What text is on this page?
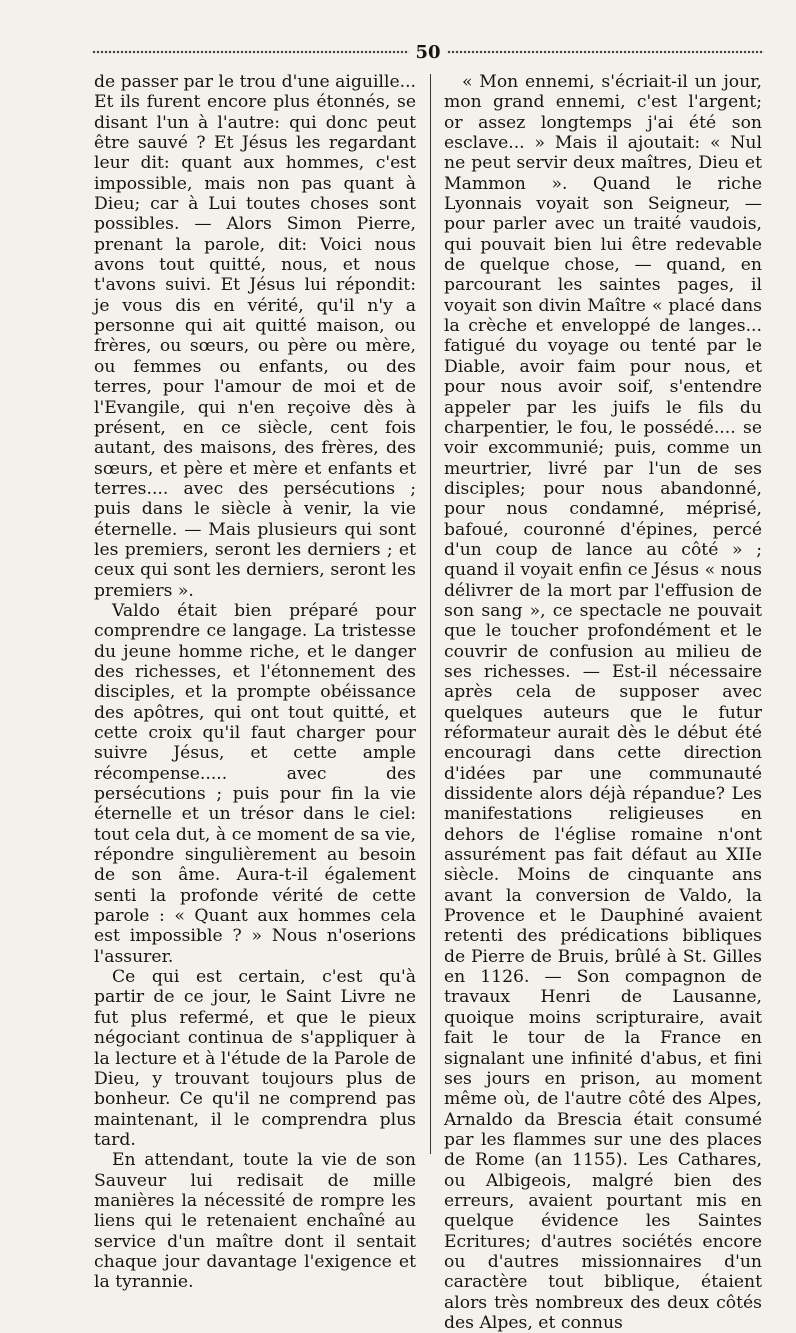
50

de passer par le trou d'une aiguille... Et ils furent encore plus étonnés, se disant l'un à l'autre: qui donc peut être sauvé ? Et Jésus les regardant leur dit: quant aux hommes, c'est impossible, mais non pas quant à Dieu; car à Lui toutes choses sont possibles. — Alors Simon Pierre, prenant la parole, dit: Voici nous avons tout quitté, nous, et nous t'avons suivi. Et Jésus lui répondit: je vous dis en vérité, qu'il n'y a personne qui ait quitté maison, ou frères, ou sœurs, ou père ou mère, ou femmes ou enfants, ou des terres, pour l'amour de moi et de l'Evangile, qui n'en reçoive dès à présent, en ce siècle, cent fois autant, des maisons, des frères, des sœurs, et père et mère et enfants et terres.... avec des persécutions ; puis dans le siècle à venir, la vie éternelle. — Mais plusieurs qui sont les premiers, seront les derniers ; et ceux qui sont les derniers, seront les premiers ».

Valdo était bien préparé pour comprendre ce langage. La tristesse du jeune homme riche, et le danger des richesses, et l'étonnement des disciples, et la prompte obéissance des apôtres, qui ont tout quitté, et cette croix qu'il faut charger pour suivre Jésus, et cette ample récompense..... avec des persécutions ; puis pour fin la vie éternelle et un trésor dans le ciel: tout cela dut, à ce moment de sa vie, répondre singulièrement au besoin de son âme. Aura-t-il également senti la profonde vérité de cette parole : « Quant aux hommes cela est impossible ? » Nous n'oserions l'assurer.

Ce qui est certain, c'est qu'à partir de ce jour, le Saint Livre ne fut plus refermé, et que le pieux négociant continua de s'appliquer à la lecture et à l'étude de la Parole de Dieu, y trouvant toujours plus de bonheur. Ce qu'il ne comprend pas maintenant, il le comprendra plus tard.

En attendant, toute la vie de son Sauveur lui redisait de mille manières la nécessité de rompre les liens qui le retenaient enchaîné au service d'un maître dont il sentait chaque jour davantage l'exigence et la tyrannie.

« Mon ennemi, s'écriait-il un jour, mon grand ennemi, c'est l'argent; or assez longtemps j'ai été son esclave... » Mais il ajoutait: « Nul ne peut servir deux maîtres, Dieu et Mammon ». Quand le riche Lyonnais voyait son Seigneur, — pour parler avec un traité vaudois, qui pouvait bien lui être redevable de quelque chose, — quand, en parcourant les saintes pages, il voyait son divin Maître « placé dans la crèche et enveloppé de langes... fatigué du voyage ou tenté par le Diable, avoir faim pour nous, et pour nous avoir soif, s'entendre appeler par les juifs le fils du charpentier, le fou, le possédé.... se voir excommunié; puis, comme un meurtrier, livré par l'un de ses disciples; pour nous abandonné, pour nous condamné, méprisé, bafoué, couronné d'épines, percé d'un coup de lance au côté » ; quand il voyait enfin ce Jésus « nous délivrer de la mort par l'effusion de son sang », ce spectacle ne pouvait que le toucher profondément et le couvrir de confusion au milieu de ses richesses. — Est-il nécessaire après cela de supposer avec quelques auteurs que le futur réformateur aurait dès le début été encouragi dans cette direction d'idées par une communauté dissidente alors déjà répandue? Les manifestations religieuses en dehors de l'église romaine n'ont assurément pas fait défaut au XIIe siècle. Moins de cinquante ans avant la conversion de Valdo, la Provence et le Dauphiné avaient retenti des prédications bibliques de Pierre de Bruis, brûlé à St. Gilles en 1126. — Son compagnon de travaux Henri de Lausanne, quoique moins scripturaire, avait fait le tour de la France en signalant une infinité d'abus, et fini ses jours en prison, au moment même où, de l'autre côté des Alpes, Arnaldo da Brescia était consumé par les flammes sur une des places de Rome (an 1155). Les Cathares, ou Albigeois, malgré bien des erreurs, avaient pourtant mis en quelque évidence les Saintes Ecritures; d'autres sociétés encore ou d'autres missionnaires d'un caractère tout biblique, étaient alors très nombreux des deux côtés des Alpes, et connus
